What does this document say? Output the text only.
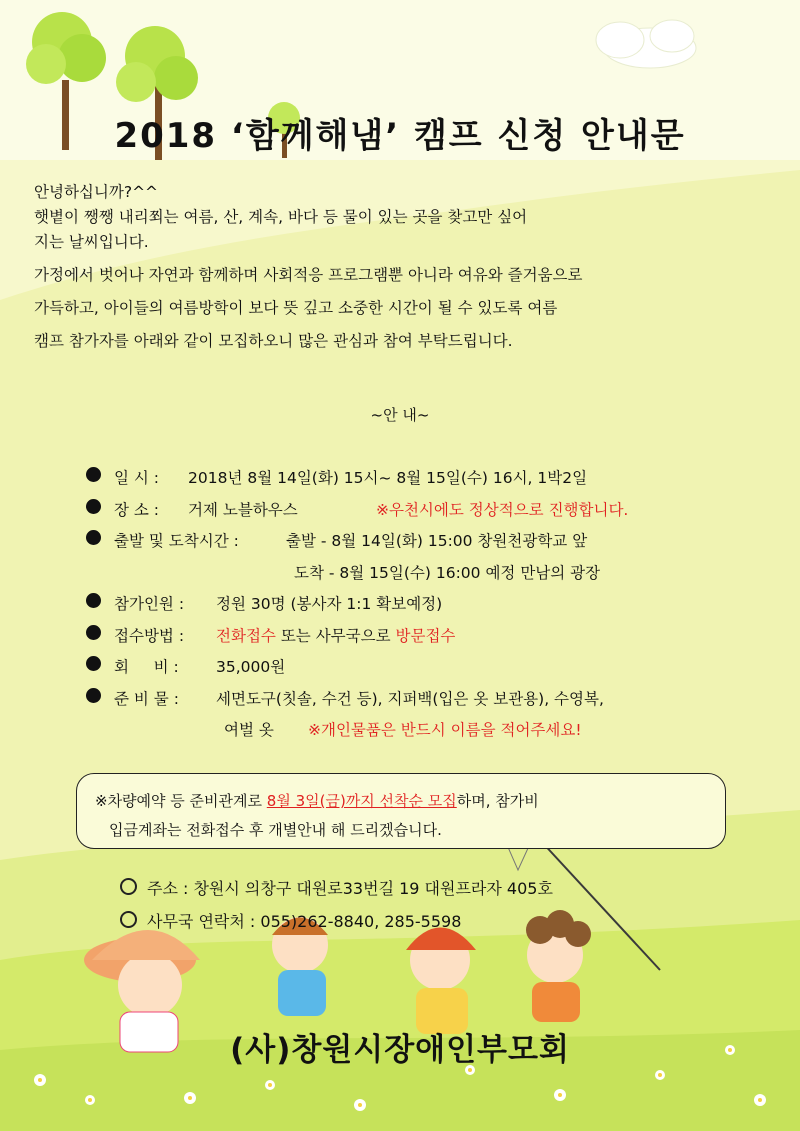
2018 ‘함께해냄’ 캠프 신청 안내문

안녕하십니까?^^

햇볕이 쨍쨍 내리쬐는 여름, 산, 계속, 바다 등 물이 있는 곳을 찾고만 싶어

지는 날씨입니다.

가정에서 벗어나 자연과 함께하며 사회적응 프로그램뿐 아니라 여유와 즐거움으로

가득하고, 아이들의 여름방학이 보다 뜻 깊고 소중한 시간이 될 수 있도록 여름

캠프 참가자를 아래와 같이 모집하오니 많은 관심과 참여 부탁드립니다.

~안 내~
일 시 : 2018년 8월 14일(화) 15시~ 8월 15일(수) 16시, 1박2일
장 소 : 거제 노블하우스	※우천시에도 정상적으로 진행합니다.
출발 및 도착시간 :	출발 - 8월 14일(화) 15:00 창원천광학교 앞
도착 - 8월 15일(수) 16:00 예정 만남의 광장
참가인원 : 정원 30명 (봉사자 1:1 확보예정)
접수방법 : 전화접수 또는 사무국으로 방문접수
회     비 : 35,000원
준 비 물 : 세면도구(칫솔, 수건 등), 지퍼백(입은 옷 보관용), 수영복,
여벌 옷 ※개인물품은 반드시 이름을 적어주세요!

※차량예약 등 준비관계로 8월 3일(금)까지 선착순 모집하며, 참가비

입금계좌는 전화접수 후 개별안내 해 드리겠습니다.

주소 : 창원시 의창구 대원로33번길 19 대원프라자 405호
사무국 연락처 : 055)262-8840, 285-5598
(사)창원시장애인부모회
